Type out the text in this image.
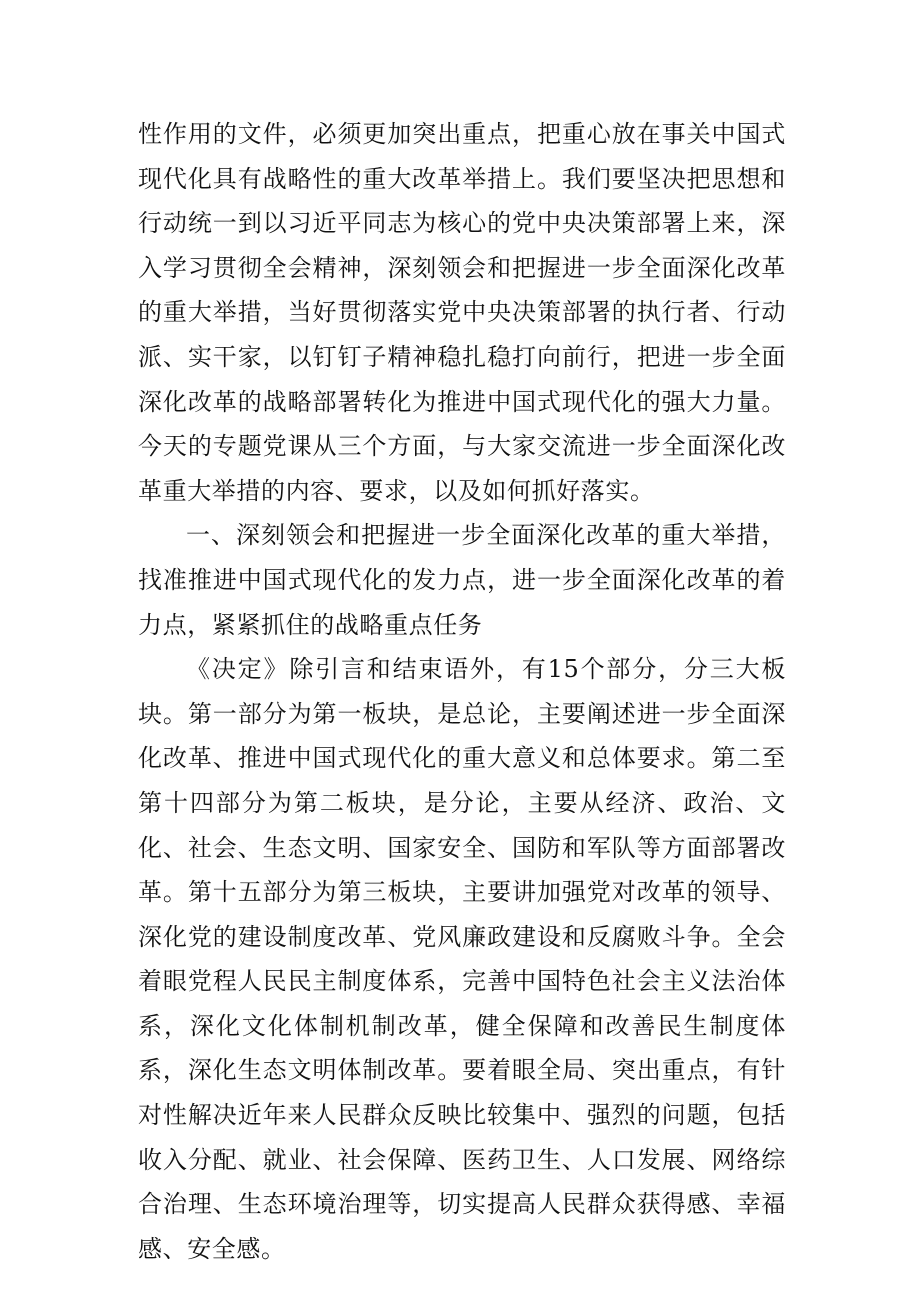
性作用的文件，必须更加突出重点，把重心放在事关中国式现代化具有战略性的重大改革举措上。我们要坚决把思想和行动统一到以习近平同志为核心的党中央决策部署上来，深入学习贯彻全会精神，深刻领会和把握进一步全面深化改革的重大举措，当好贯彻落实党中央决策部署的执行者、行动派、实干家，以钉钉子精神稳扎稳打向前行，把进一步全面深化改革的战略部署转化为推进中国式现代化的强大力量。今天的专题党课从三个方面，与大家交流进一步全面深化改革重大举措的内容、要求，以及如何抓好落实。

一、深刻领会和把握进一步全面深化改革的重大举措，找准推进中国式现代化的发力点，进一步全面深化改革的着力点，紧紧抓住的战略重点任务

《决定》除引言和结束语外，有15个部分，分三大板块。第一部分为第一板块，是总论，主要阐述进一步全面深化改革、推进中国式现代化的重大意义和总体要求。第二至第十四部分为第二板块，是分论，主要从经济、政治、文化、社会、生态文明、国家安全、国防和军队等方面部署改革。第十五部分为第三板块，主要讲加强党对改革的领导、深化党的建设制度改革、党风廉政建设和反腐败斗争。全会着眼党程人民民主制度体系，完善中国特色社会主义法治体系，深化文化体制机制改革，健全保障和改善民生制度体系，深化生态文明体制改革。要着眼全局、突出重点，有针对性解决近年来人民群众反映比较集中、强烈的问题，包括收入分配、就业、社会保障、医药卫生、人口发展、网络综合治理、生态环境治理等，切实提高人民群众获得感、幸福感、安全感。
